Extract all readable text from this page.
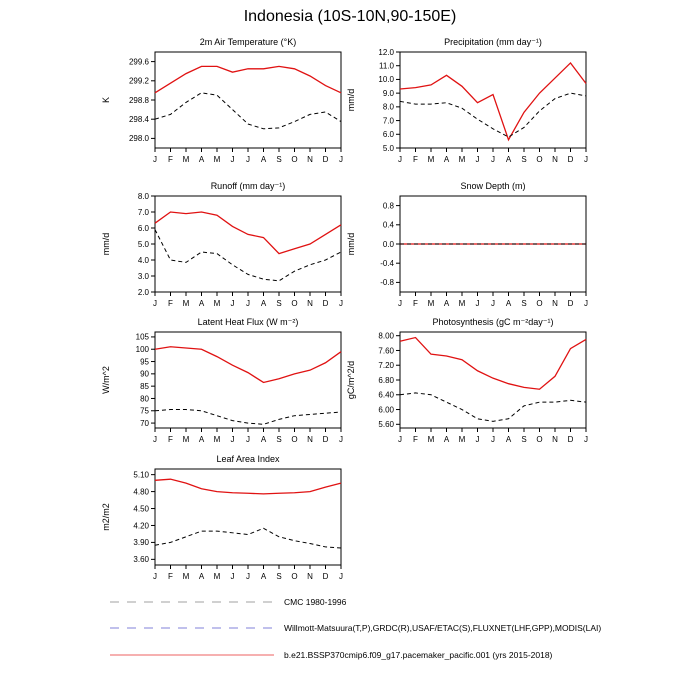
Indonesia (10S-10N,90-150E)
2m Air Temperature (°K)
K
298.0
298.4
298.8
299.2
299.6
J F M A M J J A S O N D J
Precipitation (mm day⁻¹)
mm/d
5.0
6.0
7.0
8.0
9.0
10.0
11.0
12.0
J F M A M J J A S O N D J
Runoff (mm day⁻¹)
mm/d
2.0
3.0
4.0
5.0
6.0
7.0
8.0
J F M A M J J A S O N D J
Snow Depth (m)
mm/d
-0.8
-0.4
0.0
0.4
0.8
J F M A M J J A S O N D J
Latent Heat Flux (W m⁻²)
W/m^2
70
75
80
85
90
95
100
105
J F M A M J J A S O N D J
Photosynthesis (gC m⁻²day⁻¹)
gC/m^2/d
5.60
6.00
6.40
6.80
7.20
7.60
8.00
J F M A M J J A S O N D J
Leaf Area Index
m2/m2
3.60
3.90
4.20
4.50
4.80
5.10
J F M A M J J A S O N D J
CMC 1980-1996
Willmott-Matsuura(T,P),GRDC(R),USAF/ETAC(S),FLUXNET(LHF,GPP),MODIS(LAI)
b.e21.BSSP370cmip6.f09_g17.pacemaker_pacific.001 (yrs 2015-2018)
